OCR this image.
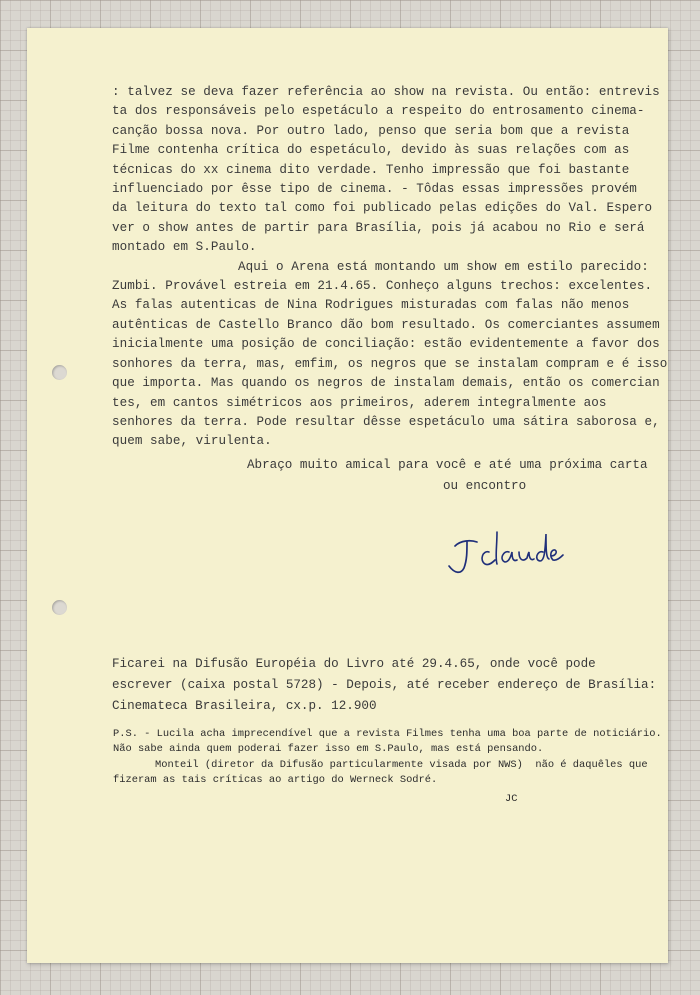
: talvez se deva fazer referência ao show na revista. Ou então: entrevis
ta dos responsáveis pelo espetáculo a respeito do entrosamento cinema-
canção bossa nova. Por outro lado, penso que seria bom que a revista
Filme contenha crítica do espetáculo, devido às suas relações com as
técnicas do xx cinema dito verdade. Tenho impressão que foi bastante
influenciado por êsse tipo de cinema. - Tôdas essas impressões provém
da leitura do texto tal como foi publicado pelas edições do Val. Espero
ver o show antes de partir para Brasília, pois já acabou no Rio e será
montado em S.Paulo.
Aqui o Arena está montando um show em estilo parecido:
Zumbi. Provável estreia em 21.4.65. Conheço alguns trechos: excelentes.
As falas autenticas de Nina Rodrigues misturadas com falas não menos
autênticas de Castello Branco dão bom resultado. Os comerciantes assumem
inicialmente uma posição de conciliação: estão evidentemente a favor dos
sonhores da terra, mas, emfim, os negros que se instalam compram e é isso
que importa. Mas quando os negros de instalam demais, então os comercian
tes, em cantos simétricos aos primeiros, aderem integralmente aos
senhores da terra. Pode resultar dêsse espetáculo uma sátira saborosa e,
quem sabe, virulenta.
Abraço muito amical para você e até uma próxima carta
ou encontro
Ficarei na Difusão Européia do Livro até 29.4.65, onde você pode
escrever (caixa postal 5728) - Depois, até receber endereço de Brasília:
Cinemateca Brasileira, cx.p. 12.900
P.S. - Lucila acha imprecendível que a revista Filmes tenha uma boa parte de noticiário.
Não sabe ainda quem poderai fazer isso em S.Paulo, mas está pensando.
Monteil (diretor da Difusão particularmente visada por NWS)  não é daquêles que
fizeram as tais críticas ao artigo do Werneck Sodré.
JC
